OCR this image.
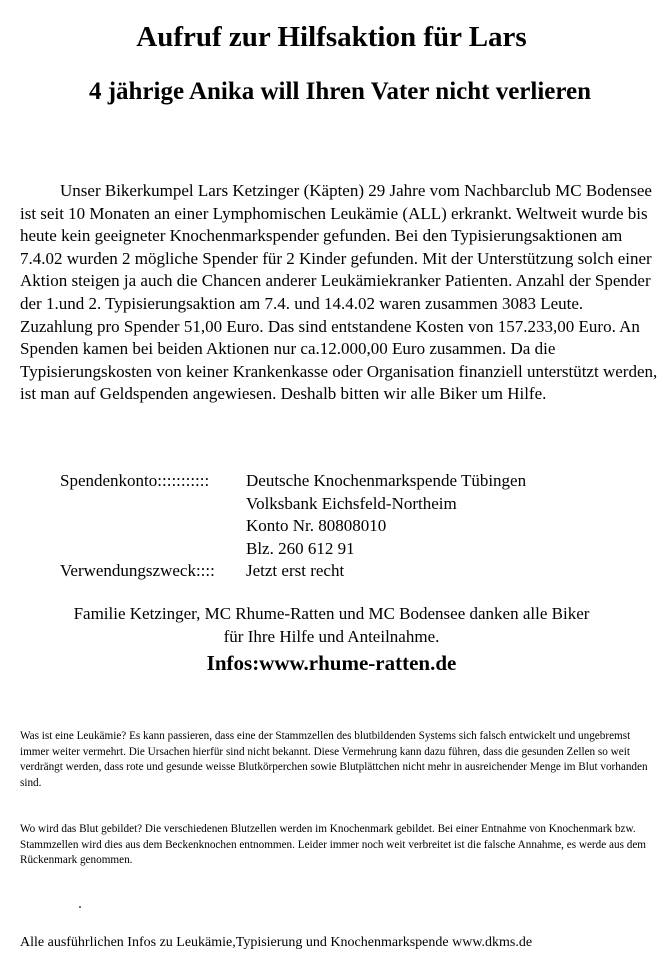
Aufruf zur Hilfsaktion für Lars
4 jährige Anika will Ihren Vater nicht verlieren
Unser Bikerkumpel Lars Ketzinger (Käpten) 29 Jahre vom Nachbarclub MC Bodensee ist seit 10 Monaten an einer Lymphomischen Leukämie (ALL) erkrankt. Weltweit wurde bis heute kein geeigneter Knochenmarkspender gefunden. Bei den Typisierungsaktionen am 7.4.02 wurden 2 mögliche Spender für 2 Kinder gefunden. Mit der Unterstützung solch einer Aktion steigen ja auch die Chancen anderer Leukämiekranker Patienten. Anzahl der Spender der 1.und 2. Typisierungsaktion am 7.4. und 14.4.02 waren zusammen 3083 Leute. Zuzahlung pro Spender 51,00 Euro. Das sind entstandene Kosten von 157.233,00 Euro. An Spenden kamen bei beiden Aktionen nur ca.12.000,00 Euro zusammen. Da die Typisierungskosten von keiner Krankenkasse oder Organisation finanziell unterstützt werden, ist man auf Geldspenden angewiesen. Deshalb bitten wir alle Biker um Hilfe.
Spendenkonto:::::::::::	Deutsche Knochenmarkspende Tübingen
Volksbank Eichsfeld-Northeim
Konto Nr. 80808010
Blz. 260 612 91
Verwendungszweck::::	Jetzt erst recht
Familie Ketzinger, MC Rhume-Ratten und MC Bodensee danken alle Biker
für Ihre Hilfe und Anteilnahme.
Infos:www.rhume-ratten.de
Was ist eine Leukämie? Es kann passieren, dass eine der Stammzellen des blutbildenden Systems sich falsch entwickelt und ungebremst immer weiter vermehrt. Die Ursachen hierfür sind nicht bekannt. Diese Vermehrung kann dazu führen, dass die gesunden Zellen so weit verdrängt werden, dass rote und gesunde weisse Blutkörperchen sowie Blutplättchen nicht mehr in ausreichender Menge im Blut vorhanden sind.
Wo wird das Blut gebildet? Die verschiedenen Blutzellen werden im Knochenmark gebildet. Bei einer Entnahme von Knochenmark bzw. Stammzellen wird dies aus dem Beckenknochen entnommen. Leider immer noch weit verbreitet ist die falsche Annahme, es werde aus dem Rückenmark genommen.
Alle ausführlichen Infos zu Leukämie,Typisierung und Knochenmarkspende www.dkms.de
